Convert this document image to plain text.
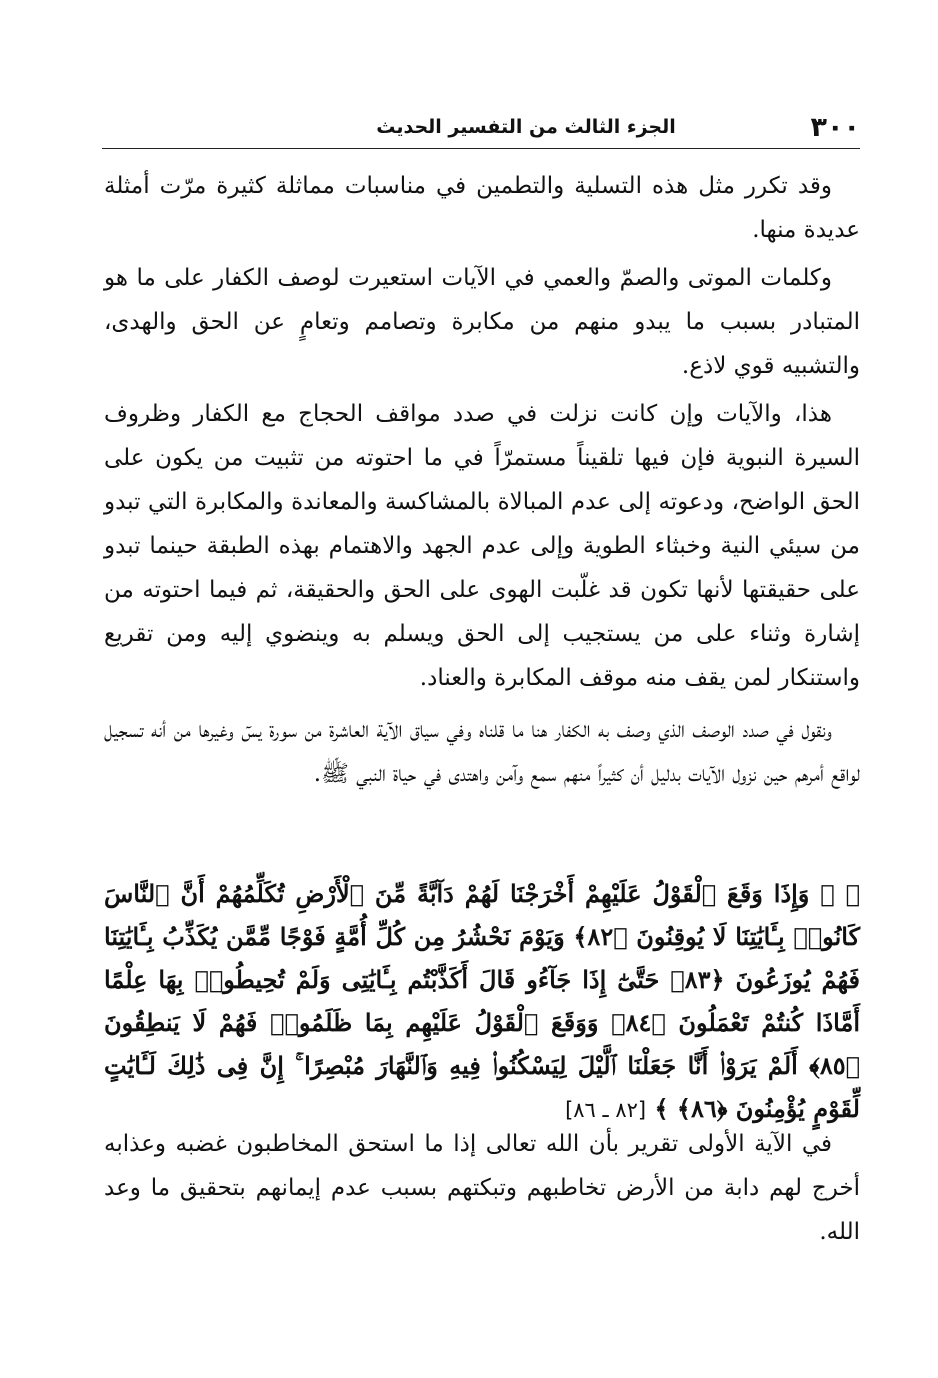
٣٠٠
الجزء الثالث من التفسير الحديث

وقد تكرر مثل هذه التسلية والتطمين في مناسبات مماثلة كثيرة مرّت أمثلة عديدة منها.

وكلمات الموتى والصمّ والعمي في الآيات استعيرت لوصف الكفار على ما هو المتبادر بسبب ما يبدو منهم من مكابرة وتصامم وتعامٍ عن الحق والهدى، والتشبيه قوي لاذع.

هذا، والآيات وإن كانت نزلت في صدد مواقف الحجاج مع الكفار وظروف السيرة النبوية فإن فيها تلقيناً مستمرّاً في ما احتوته من تثبيت من يكون على الحق الواضح، ودعوته إلى عدم المبالاة بالمشاكسة والمعاندة والمكابرة التي تبدو من سيئي النية وخبثاء الطوية وإلى عدم الجهد والاهتمام بهذه الطبقة حينما تبدو على حقيقتها لأنها تكون قد غلّبت الهوى على الحق والحقيقة، ثم فيما احتوته من إشارة وثناء على من يستجيب إلى الحق ويسلم به وينضوي إليه ومن تقريع واستنكار لمن يقف منه موقف المكابرة والعناد.

ونقول في صدد الوصف الذي وصف به الكفار هنا ما قلناه وفي سياق الآية العاشرة من سورة يسٓ وغيرها من أنه تسجيل لواقع أمرهم حين نزول الآيات بدليل أن كثيراً منهم سمع وآمن واهتدى في حياة النبي ﷺ.

﴿ ۞ وَإِذَا وَقَعَ ٱلْقَوْلُ عَلَيْهِمْ أَخْرَجْنَا لَهُمْ دَآبَّةً مِّنَ ٱلْأَرْضِ تُكَلِّمُهُمْ أَنَّ ٱلنَّاسَ كَانُوا۟ بِـَٔايَٰتِنَا لَا يُوقِنُونَ ﴿٨٢﴾ وَيَوْمَ نَحْشُرُ مِن كُلِّ أُمَّةٍ فَوْجًا مِّمَّن يُكَذِّبُ بِـَٔايَٰتِنَا فَهُمْ يُوزَعُونَ ﴿٨٣﴾ حَتَّىٰٓ إِذَا جَآءُو قَالَ أَكَذَّبْتُم بِـَٔايَٰتِى وَلَمْ تُحِيطُوا۟ بِهَا عِلْمًا أَمَّاذَا كُنتُمْ تَعْمَلُونَ ﴿٨٤﴾ وَوَقَعَ ٱلْقَوْلُ عَلَيْهِم بِمَا ظَلَمُوا۟ فَهُمْ لَا يَنطِقُونَ ﴿٨٥﴾ أَلَمْ يَرَوْا۟ أَنَّا جَعَلْنَا ٱلَّيْلَ لِيَسْكُنُوا۟ فِيهِ وَٱلنَّهَارَ مُبْصِرًا ۚ إِنَّ فِى ذَٰلِكَ لَـَٔايَٰتٍ لِّقَوْمٍ يُؤْمِنُونَ ﴿٨٦﴾ ﴾ [٨٢ ـ ٨٦]

في الآية الأولى تقرير بأن الله تعالى إذا ما استحق المخاطبون غضبه وعذابه أخرج لهم دابة من الأرض تخاطبهم وتبكتهم بسبب عدم إيمانهم بتحقيق ما وعد الله.
